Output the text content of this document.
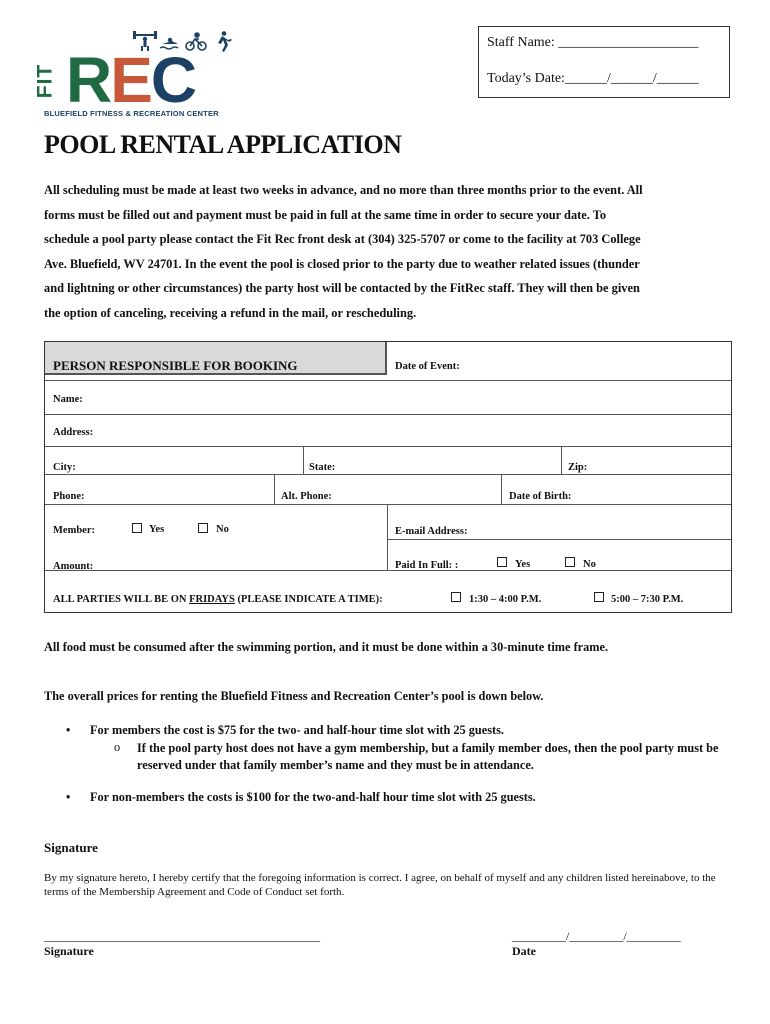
FIT REC
BLUEFIELD FITNESS & RECREATION CENTER
Staff Name: ____________________
Today’s Date:______/______/______
POOL RENTAL APPLICATION
All scheduling must be made at least two weeks in advance, and no more than three months prior to the event. All
forms must be filled out and payment must be paid in full at the same time in order to secure your date. To
schedule a pool party please contact the Fit Rec front desk at (304) 325-5707 or come to the facility at 703 College
Ave. Bluefield, WV 24701. In the event the pool is closed prior to the party due to weather related issues (thunder
and lightning or other circumstances) the party host will be contacted by the FitRec staff. They will then be given
the option of canceling, receiving a refund in the mail, or rescheduling.
PERSON RESPONSIBLE FOR BOOKING	Date of Event:
Name:
Address:
City:	State:	Zip:
Phone:	Alt. Phone:	Date of Birth:
Member:	Yes	No	E-mail Address:
Amount:	Paid In Full: :	Yes	No
ALL PARTIES WILL BE ON FRIDAYS (PLEASE INDICATE A TIME):	1:30 – 4:00 P.M.	5:00 – 7:30 P.M.
All food must be consumed after the swimming portion, and it must be done within a 30-minute time frame.
The overall prices for renting the Bluefield Fitness and Recreation Center’s pool is down below.
• For members the cost is $75 for the two- and half-hour time slot with 25 guests.
o If the pool party host does not have a gym membership, but a family member does, then the pool party must be reserved under that family member’s name and they must be in attendance.
• For non-members the costs is $100 for the two-and-half hour time slot with 25 guests.
Signature
By my signature hereto, I hereby certify that the foregoing information is correct. I agree, on behalf of myself and any children listed hereinabove, to the terms of the Membership Agreement and Code of Conduct set forth.
______________________________________________
Signature
_________/_________/_________
Date
